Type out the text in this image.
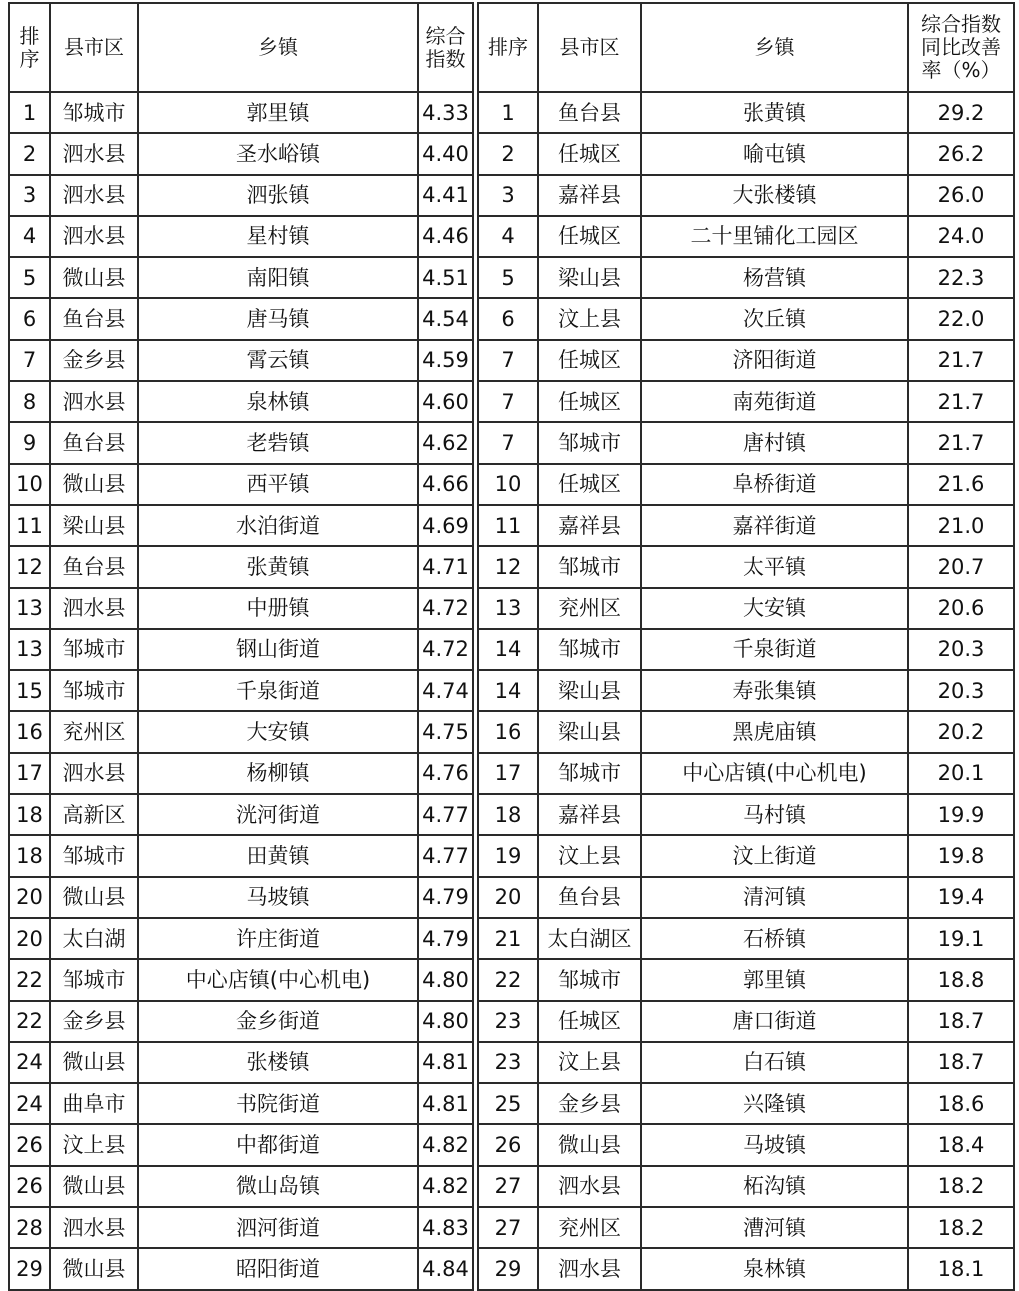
排
序	县市区	乡镇	综合
指数

1	邹城市	郭里镇	4.33
2	泗水县	圣水峪镇	4.40
3	泗水县	泗张镇	4.41
4	泗水县	星村镇	4.46
5	微山县	南阳镇	4.51
6	鱼台县	唐马镇	4.54
7	金乡县	霄云镇	4.59
8	泗水县	泉林镇	4.60
9	鱼台县	老砦镇	4.62
10	微山县	西平镇	4.66
11	梁山县	水泊街道	4.69
12	鱼台县	张黄镇	4.71
13	泗水县	中册镇	4.72
13	邹城市	钢山街道	4.72
15	邹城市	千泉街道	4.74
16	兖州区	大安镇	4.75
17	泗水县	杨柳镇	4.76
18	高新区	洸河街道	4.77
18	邹城市	田黄镇	4.77
20	微山县	马坡镇	4.79
20	太白湖	许庄街道	4.79
22	邹城市	中心店镇(中心机电)	4.80
22	金乡县	金乡街道	4.80
24	微山县	张楼镇	4.81
24	曲阜市	书院街道	4.81
26	汶上县	中都街道	4.82
26	微山县	微山岛镇	4.82
28	泗水县	泗河街道	4.83
29	微山县	昭阳街道	4.84
排序	县市区	乡镇	综合指数
同比改善
率（%）

1	鱼台县	张黄镇	29.2
2	任城区	喻屯镇	26.2
3	嘉祥县	大张楼镇	26.0
4	任城区	二十里铺化工园区	24.0
5	梁山县	杨营镇	22.3
6	汶上县	次丘镇	22.0
7	任城区	济阳街道	21.7
7	任城区	南苑街道	21.7
7	邹城市	唐村镇	21.7
10	任城区	阜桥街道	21.6
11	嘉祥县	嘉祥街道	21.0
12	邹城市	太平镇	20.7
13	兖州区	大安镇	20.6
14	邹城市	千泉街道	20.3
14	梁山县	寿张集镇	20.3
16	梁山县	黑虎庙镇	20.2
17	邹城市	中心店镇(中心机电)	20.1
18	嘉祥县	马村镇	19.9
19	汶上县	汶上街道	19.8
20	鱼台县	清河镇	19.4
21	太白湖区	石桥镇	19.1
22	邹城市	郭里镇	18.8
23	任城区	唐口街道	18.7
23	汶上县	白石镇	18.7
25	金乡县	兴隆镇	18.6
26	微山县	马坡镇	18.4
27	泗水县	柘沟镇	18.2
27	兖州区	漕河镇	18.2
29	泗水县	泉林镇	18.1
